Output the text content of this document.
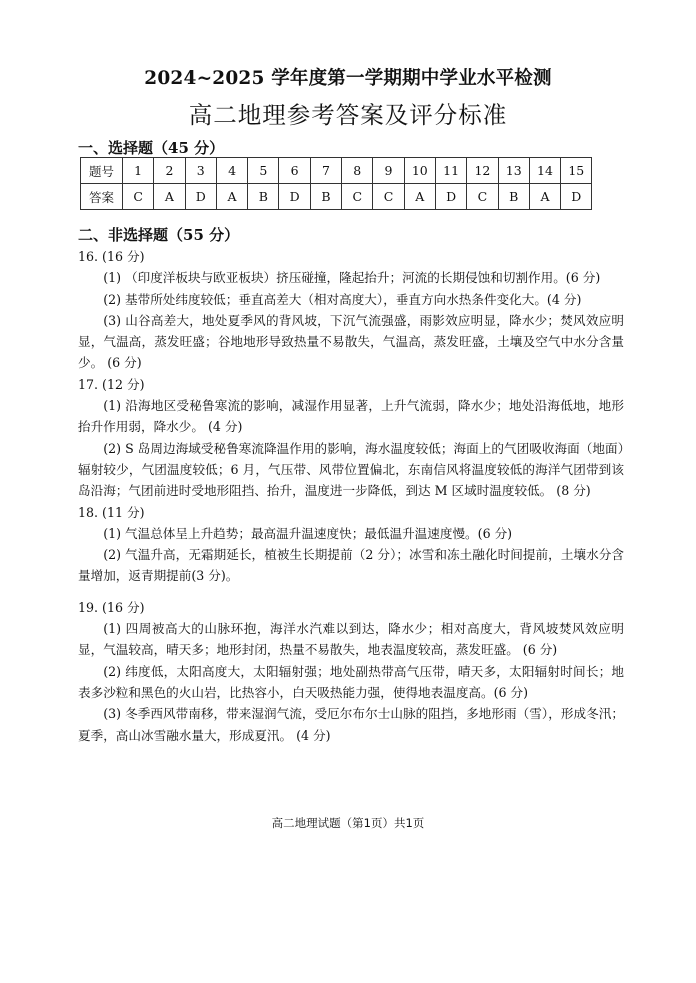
2024~2025 学年度第一学期期中学业水平检测
高二地理参考答案及评分标准
一、选择题（45 分）
题号	1	2	3	4	5	6	7	8	9	10	11	12	13	14	15
答案	C	A	D	A	B	D	B	C	C	A	D	C	B	A	D
二、非选择题（55 分）

16. (16 分)

(1) （印度洋板块与欧亚板块）挤压碰撞，隆起抬升；河流的长期侵蚀和切割作用。(6 分)

(2) 基带所处纬度较低；垂直高差大（相对高度大），垂直方向水热条件变化大。(4 分)

(3) 山谷高差大，地处夏季风的背风坡，下沉气流强盛，雨影效应明显，降水少；焚风效应明显，气温高，蒸发旺盛；谷地地形导致热量不易散失，气温高，蒸发旺盛，土壤及空气中水分含量少。 (6 分)

17. (12 分)

(1) 沿海地区受秘鲁寒流的影响，减湿作用显著，上升气流弱，降水少；地处沿海低地，地形抬升作用弱，降水少。 (4 分)

(2) S 岛周边海域受秘鲁寒流降温作用的影响，海水温度较低；海面上的气团吸收海面（地面）辐射较少，气团温度较低；6 月，气压带、风带位置偏北，东南信风将温度较低的海洋气团带到该岛沿海；气团前进时受地形阻挡、抬升，温度进一步降低，到达 M 区域时温度较低。 (8 分)

18. (11 分)

(1) 气温总体呈上升趋势；最高温升温速度快；最低温升温速度慢。(6 分)

(2) 气温升高，无霜期延长，植被生长期提前（2 分）；冰雪和冻土融化时间提前，土壤水分含量增加，返青期提前(3 分)。

19. (16 分)

(1) 四周被高大的山脉环抱，海洋水汽难以到达，降水少；相对高度大，背风坡焚风效应明显，气温较高，晴天多；地形封闭，热量不易散失，地表温度较高，蒸发旺盛。 (6 分)

(2) 纬度低，太阳高度大，太阳辐射强；地处副热带高气压带，晴天多，太阳辐射时间长；地表多沙粒和黑色的火山岩，比热容小，白天吸热能力强，使得地表温度高。(6 分)

(3) 冬季西风带南移，带来湿润气流，受厄尔布尔士山脉的阻挡，多地形雨（雪），形成冬汛；夏季，高山冰雪融水量大，形成夏汛。 (4 分)

高二地理试题（第1页）共1页
